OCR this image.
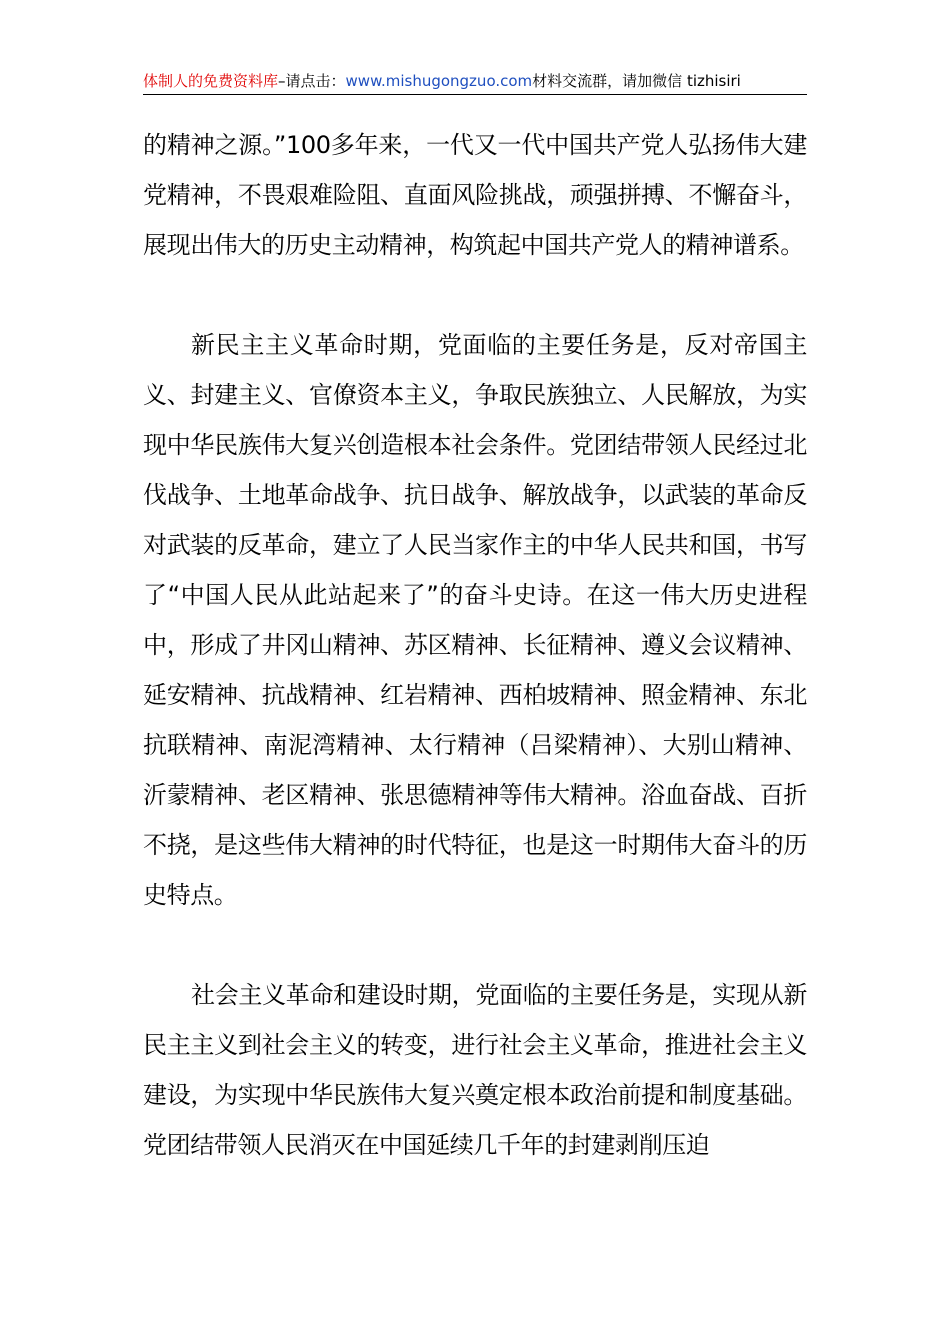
体制人的免费资料库–请点击：www.mishugongzuo.com材料交流群，请加微信 tizhisiri

的精神之源。”100多年来，一代又一代中国共产党人弘扬伟大建党精神，不畏艰难险阻、直面风险挑战，顽强拼搏、不懈奋斗，展现出伟大的历史主动精神，构筑起中国共产党人的精神谱系。

新民主主义革命时期，党面临的主要任务是，反对帝国主义、封建主义、官僚资本主义，争取民族独立、人民解放，为实现中华民族伟大复兴创造根本社会条件。党团结带领人民经过北伐战争、土地革命战争、抗日战争、解放战争，以武装的革命反对武装的反革命，建立了人民当家作主的中华人民共和国，书写了“中国人民从此站起来了”的奋斗史诗。在这一伟大历史进程中，形成了井冈山精神、苏区精神、长征精神、遵义会议精神、延安精神、抗战精神、红岩精神、西柏坡精神、照金精神、东北抗联精神、南泥湾精神、太行精神（吕梁精神）、大别山精神、沂蒙精神、老区精神、张思德精神等伟大精神。浴血奋战、百折不挠，是这些伟大精神的时代特征，也是这一时期伟大奋斗的历史特点。

社会主义革命和建设时期，党面临的主要任务是，实现从新民主主义到社会主义的转变，进行社会主义革命，推进社会主义建设，为实现中华民族伟大复兴奠定根本政治前提和制度基础。党团结带领人民消灭在中国延续几千年的封建剥削压迫
